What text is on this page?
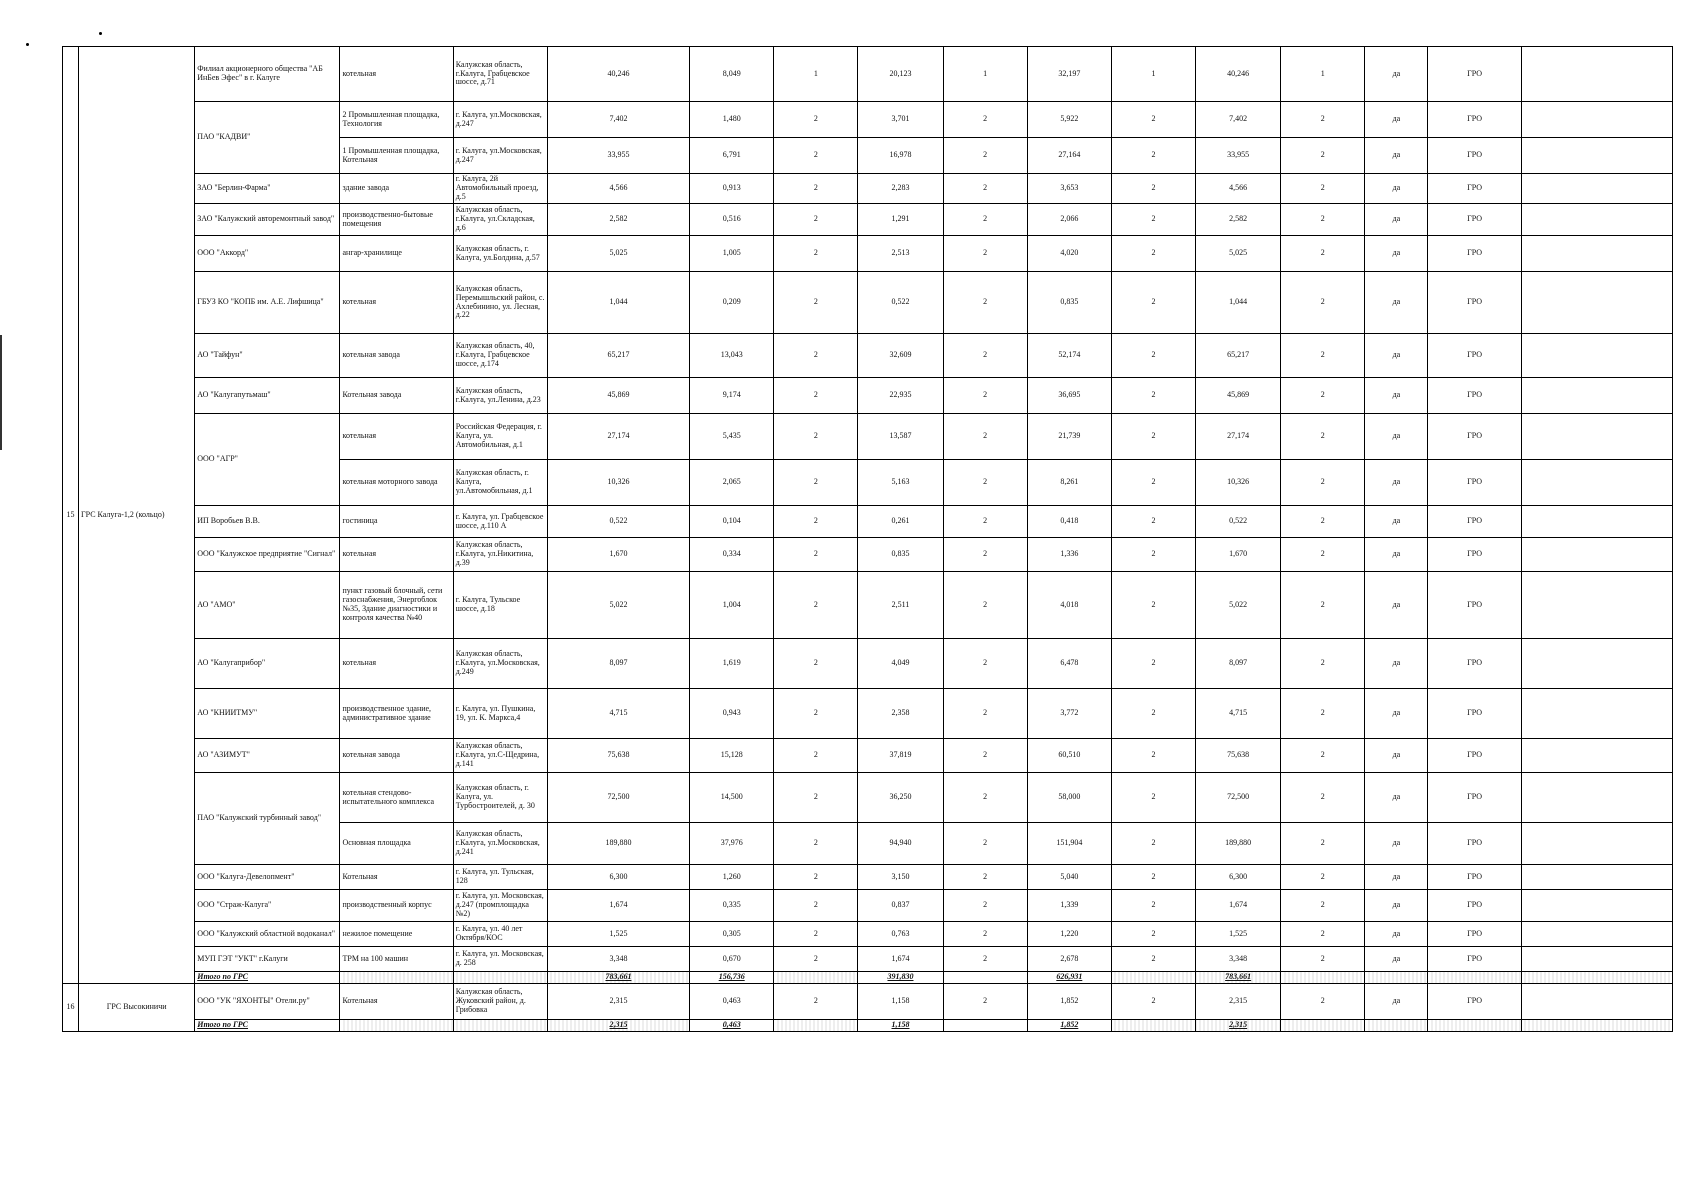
15	ГРС Калуга-1,2 (кольцо)	Филиал акционерного общества "АБ ИнБев Эфес" в г. Калуге	котельная	Калужская область, г.Калуга, Грабцевское шоссе, д.71	40,246	8,049	1	20,123	1	32,197	1	40,246	1	да	ГРО	
		ПАО "КАДВИ"	2 Промышленная площадка, Технология	г. Калуга, ул.Московская, д.247	7,402	1,480	2	3,701	2	5,922	2	7,402	2	да	ГРО	
			1 Промышленная площадка, Котельная	г. Калуга, ул.Московская, д.247	33,955	6,791	2	16,978	2	27,164	2	33,955	2	да	ГРО	
		ЗАО "Берлин-Фарма"	здание завода	г. Калуга, 2й Автомобильный проезд, д.5	4,566	0,913	2	2,283	2	3,653	2	4,566	2	да	ГРО	
		ЗАО "Калужский авторемонтный завод"	производственно-бытовые помещения	Калужская область, г.Калуга, ул.Складская, д.6	2,582	0,516	2	1,291	2	2,066	2	2,582	2	да	ГРО	
		ООО "Аккорд"	ангар-хранилище	Калужская область, г. Калуга, ул.Болдина, д.57	5,025	1,005	2	2,513	2	4,020	2	5,025	2	да	ГРО	
		ГБУЗ КО "КОПБ им. А.Е. Лифшица"	котельная	Калужская область, Перемышльский район, с. Ахлебинино, ул. Лесная, д.22	1,044	0,209	2	0,522	2	0,835	2	1,044	2	да	ГРО	
		АО "Тайфун"	котельная завода	Калужская область, 40, г.Калуга, Грабцевское шоссе, д.174	65,217	13,043	2	32,609	2	52,174	2	65,217	2	да	ГРО	
		АО "Калугапутьмаш"	Котельная завода	Калужская область, г.Калуга, ул.Ленина, д.23	45,869	9,174	2	22,935	2	36,695	2	45,869	2	да	ГРО	
		ООО "АГР"	котельная	Российская Федерация, г. Калуга, ул. Автомобильная, д.1	27,174	5,435	2	13,587	2	21,739	2	27,174	2	да	ГРО	
			котельная моторного завода	Калужская область, г. Калуга, ул.Автомобильная, д.1	10,326	2,065	2	5,163	2	8,261	2	10,326	2	да	ГРО	
		ИП Воробьев В.В.	гостиница	г. Калуга, ул. Грабцевское шоссе, д.110 А	0,522	0,104	2	0,261	2	0,418	2	0,522	2	да	ГРО	
		ООО "Калужское предприятие "Сигнал"	котельная	Калужская область, г.Калуга, ул.Никитина, д.39	1,670	0,334	2	0,835	2	1,336	2	1,670	2	да	ГРО	
		АО "АМО"	пункт газовый блочный, сети газоснабжения, Энергоблок №35, Здание диагностики и контроля качества №40	г. Калуга, Тульское шоссе, д.18	5,022	1,004	2	2,511	2	4,018	2	5,022	2	да	ГРО	
		АО "Калугаприбор"	котельная	Калужская область, г.Калуга, ул.Московская, д.249	8,097	1,619	2	4,049	2	6,478	2	8,097	2	да	ГРО	
		АО "КНИИТМУ"	производственное здание, административное здание	г. Калуга, ул. Пушкина, 19, ул. К. Маркса,4	4,715	0,943	2	2,358	2	3,772	2	4,715	2	да	ГРО	
		АО "АЗИМУТ"	котельная завода	Калужская область, г.Калуга, ул.С-Щедрина, д.141	75,638	15,128	2	37,819	2	60,510	2	75,638	2	да	ГРО	
		ПАО "Калужский турбинный завод"	котельная стендово-испытательного комплекса	Калужская область, г. Калуга, ул. Турбостроителей, д. 30	72,500	14,500	2	36,250	2	58,000	2	72,500	2	да	ГРО	
			Основная площадка	Калужская область, г.Калуга, ул.Московская, д.241	189,880	37,976	2	94,940	2	151,904	2	189,880	2	да	ГРО	
		ООО "Калуга-Девелопмент"	Котельная	г. Калуга, ул. Тульская, 128	6,300	1,260	2	3,150	2	5,040	2	6,300	2	да	ГРО	
		ООО "Страж-Калуга"	производственный корпус	г. Калуга, ул. Московская, д.247 (промплощадка №2)	1,674	0,335	2	0,837	2	1,339	2	1,674	2	да	ГРО	
		ООО "Калужский областной водоканал"	нежилое помещение	г. Калуга, ул. 40 лет Октября/КОС	1,525	0,305	2	0,763	2	1,220	2	1,525	2	да	ГРО	
		МУП ГЭТ "УКТ" г.Калуги	ТРМ на 100 машин	г. Калуга, ул. Московская, д. 258	3,348	0,670	2	1,674	2	2,678	2	3,348	2	да	ГРО	
		Итого по ГРС			783,661	156,736		391,830		626,931		783,661				
16	ГРС Высокиничи	ООО "УК "ЯХОНТЫ" Отели.ру"	Котельная	Калужская область, Жуковский район, д. Грибовка	2,315	0,463	2	1,158	2	1,852	2	2,315	2	да	ГРО	
		Итого по ГРС			2,315	0,463		1,158		1,852		2,315				
